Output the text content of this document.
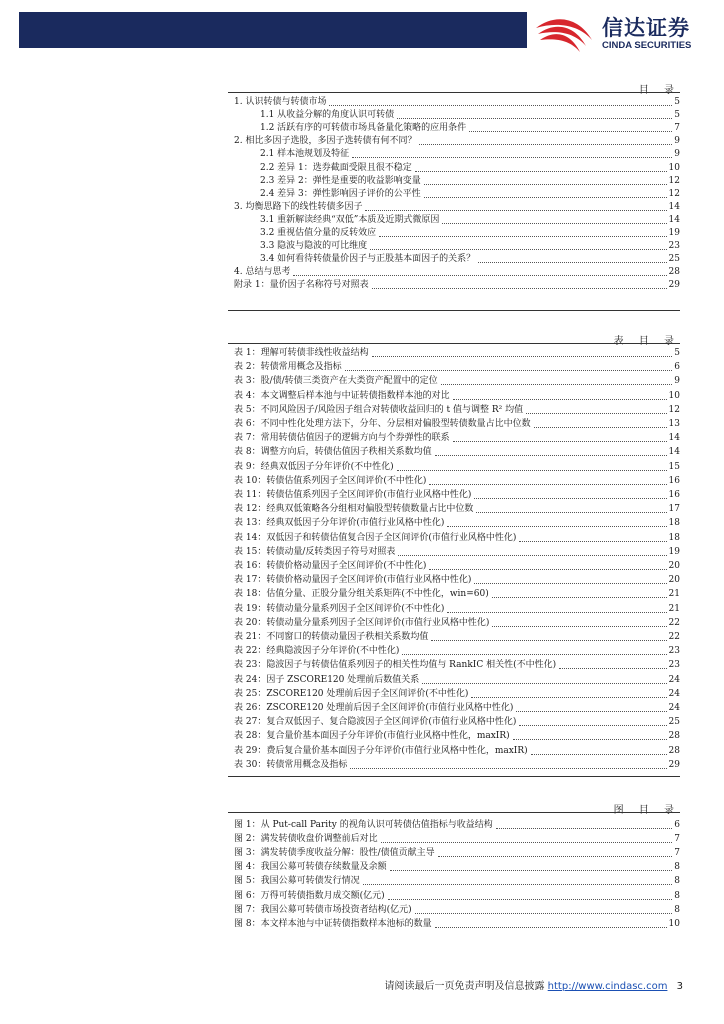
信达证券
CINDA SECURITIES
目 录
1. 认识转债与转债市场	5
1.1 从收益分解的角度认识可转债	5
1.2 活跃有序的可转债市场具备量化策略的应用条件	7
2. 相比多因子选股，多因子选转债有何不同？	9
2.1 样本池规划及特征	9
2.2 差异 1：选券截面受限且很不稳定	10
2.3 差异 2：弹性是重要的收益影响变量	12
2.4 差异 3：弹性影响因子评价的公平性	12
3. 均衡思路下的线性转债多因子	14
3.1 重新解读经典“双低”本质及近期式微原因	14
3.2 重视估值分量的反转效应	19
3.3 隐波与隐波的可比维度	23
3.4 如何看待转债量价因子与正股基本面因子的关系？	25
4. 总结与思考	28
附录 1：量价因子名称符号对照表	29
表 目 录
表 1：理解可转债非线性收益结构	5
表 2：转债常用概念及指标	6
表 3：股/债/转债三类资产在大类资产配置中的定位	9
表 4：本文调整后样本池与中证转债指数样本池的对比	10
表 5：不同风险因子/风险因子组合对转债收益回归的 t 值与调整 R² 均值	12
表 6：不同中性化处理方法下，分年、分层相对偏股型转债数量占比中位数	13
表 7：常用转债估值因子的逻辑方向与个券弹性的联系	14
表 8：调整方向后，转债估值因子秩相关系数均值	14
表 9：经典双低因子分年评价(不中性化)	15
表 10：转债估值系列因子全区间评价(不中性化)	16
表 11：转债估值系列因子全区间评价(市值行业风格中性化)	16
表 12：经典双低策略各分组相对偏股型转债数量占比中位数	17
表 13：经典双低因子分年评价(市值行业风格中性化)	18
表 14：双低因子和转债估值复合因子全区间评价(市值行业风格中性化)	18
表 15：转债动量/反转类因子符号对照表	19
表 16：转债价格动量因子全区间评价(不中性化)	20
表 17：转债价格动量因子全区间评价(市值行业风格中性化)	20
表 18：估值分量、正股分量分组关系矩阵(不中性化，win=60)	21
表 19：转债动量分量系列因子全区间评价(不中性化)	21
表 20：转债动量分量系列因子全区间评价(市值行业风格中性化)	22
表 21：不同窗口的转债动量因子秩相关系数均值	22
表 22：经典隐波因子分年评价(不中性化)	23
表 23：隐波因子与转债估值系列因子的相关性均值与 RankIC 相关性(不中性化)	23
表 24：因子 ZSCORE120 处理前后数值关系	24
表 25：ZSCORE120 处理前后因子全区间评价(不中性化)	24
表 26：ZSCORE120 处理前后因子全区间评价(市值行业风格中性化)	24
表 27：复合双低因子、复合隐波因子全区间评价(市值行业风格中性化)	25
表 28：复合量价基本面因子分年评价(市值行业风格中性化，maxIR)	28
表 29：费后复合量价基本面因子分年评价(市值行业风格中性化，maxIR)	28
表 30：转债常用概念及指标	29
图 目 录
图 1：从 Put-call Parity 的视角认识可转债估值指标与收益结构	6
图 2：满发转债收盘价调整前后对比	7
图 3：满发转债季度收益分解：股性/债值贡献主导	7
图 4：我国公募可转债存续数量及余额	8
图 5：我国公募可转债发行情况	8
图 6：万得可转债指数月成交额(亿元)	8
图 7：我国公募可转债市场投资者结构(亿元)	8
图 8：本文样本池与中证转债指数样本池标的数量	10
请阅读最后一页免责声明及信息披露 http://www.cindasc.com 3
